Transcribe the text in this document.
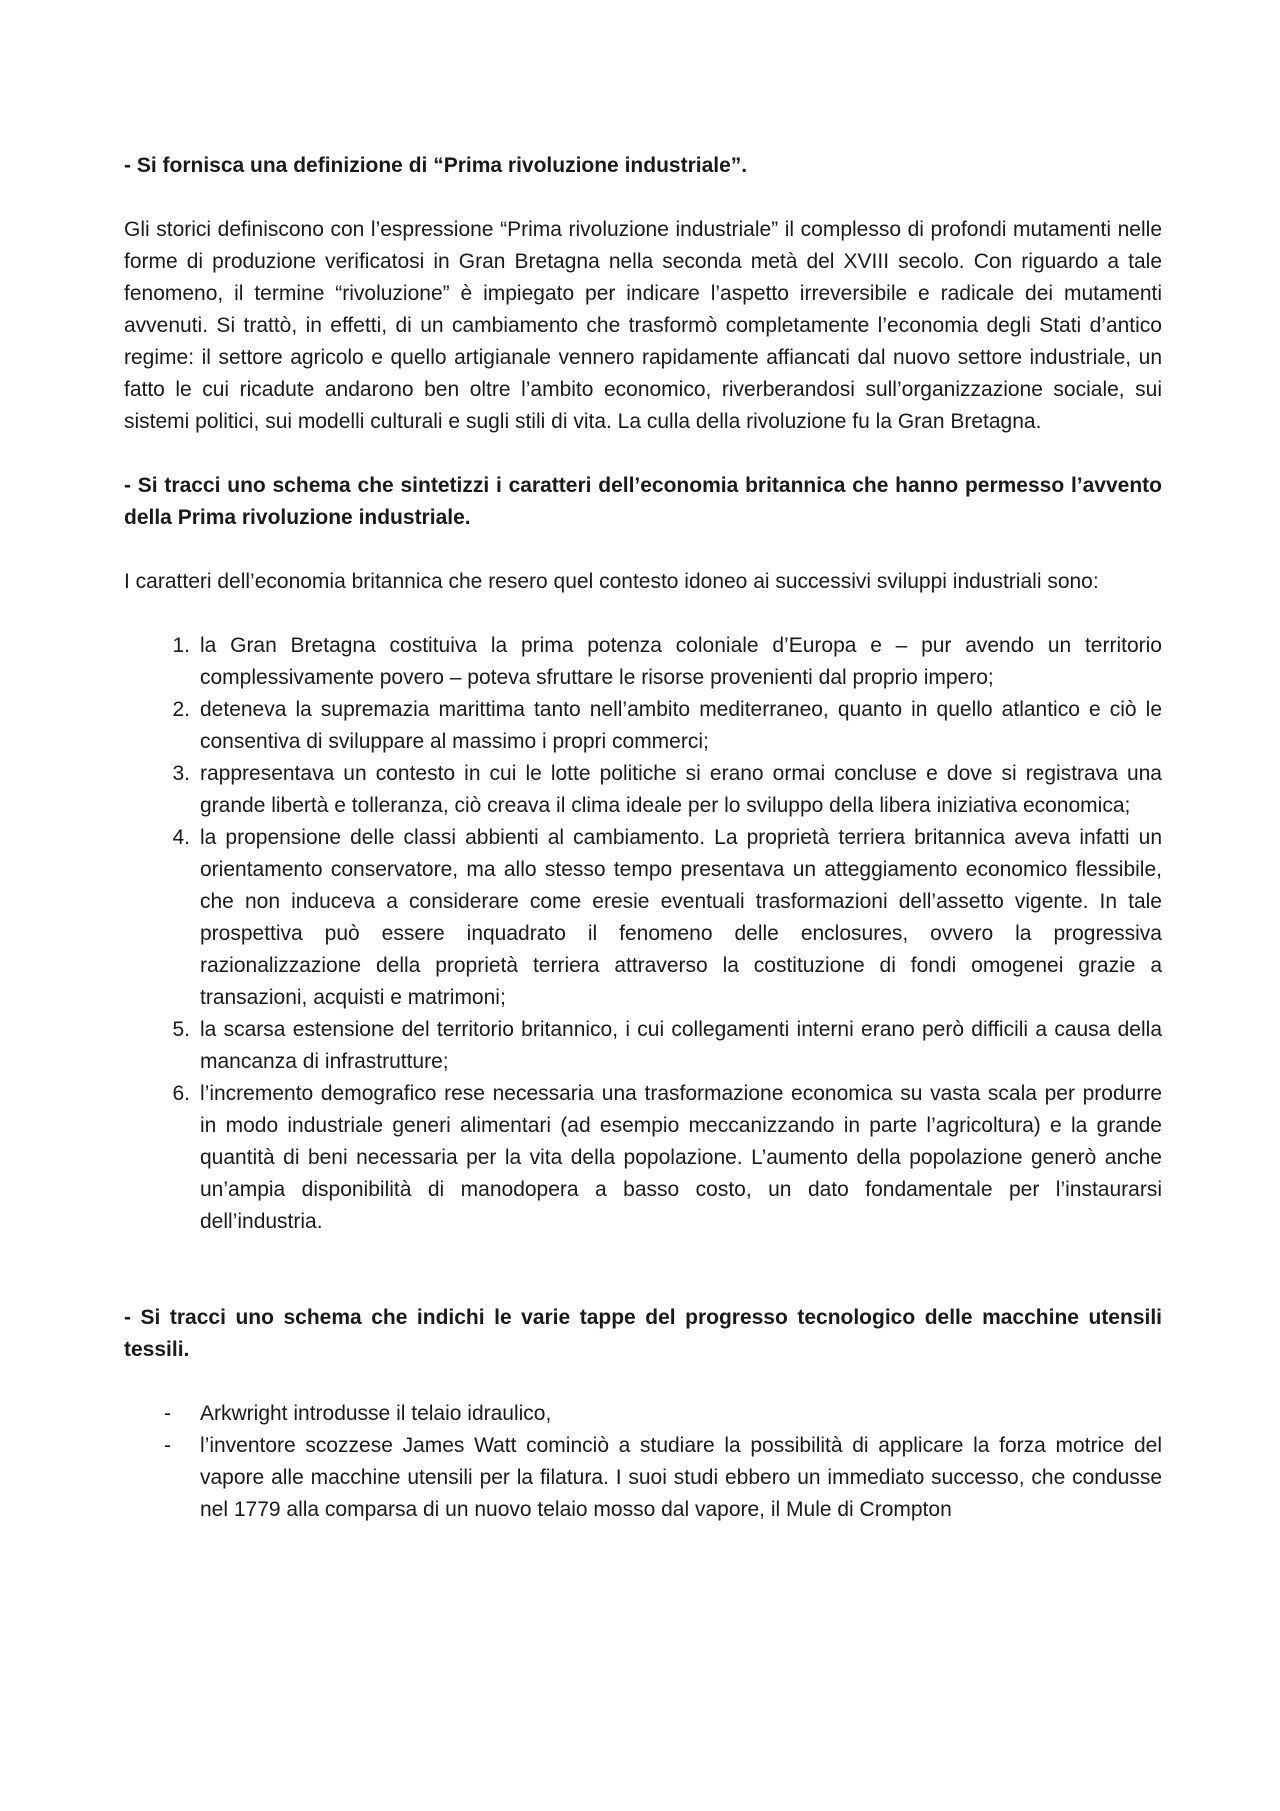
- Si fornisca una definizione di “Prima rivoluzione industriale”.

Gli storici definiscono con l’espressione “Prima rivoluzione industriale” il complesso di profondi mutamenti nelle forme di produzione verificatosi in Gran Bretagna nella seconda metà del XVIII secolo. Con riguardo a tale fenomeno, il termine “rivoluzione” è impiegato per indicare l’aspetto irreversibile e radicale dei mutamenti avvenuti. Si trattò, in effetti, di un cambiamento che trasformò completamente l’economia degli Stati d’antico regime: il settore agricolo e quello artigianale vennero rapidamente affiancati dal nuovo settore industriale, un fatto le cui ricadute andarono ben oltre l’ambito economico, riverberandosi sull’organizzazione sociale, sui sistemi politici, sui modelli culturali e sugli stili di vita. La culla della rivoluzione fu la Gran Bretagna.

- Si tracci uno schema che sintetizzi i caratteri dell’economia britannica che hanno permesso l’avvento della Prima rivoluzione industriale.

I caratteri dell’economia britannica che resero quel contesto idoneo ai successivi sviluppi industriali sono:

1. la Gran Bretagna costituiva la prima potenza coloniale d’Europa e – pur avendo un territorio complessivamente povero – poteva sfruttare le risorse provenienti dal proprio impero;
2. deteneva la supremazia marittima tanto nell’ambito mediterraneo, quanto in quello atlantico e ciò le consentiva di sviluppare al massimo i propri commerci;
3. rappresentava un contesto in cui le lotte politiche si erano ormai concluse e dove si registrava una grande libertà e tolleranza, ciò creava il clima ideale per lo sviluppo della libera iniziativa economica;
4. la propensione delle classi abbienti al cambiamento. La proprietà terriera britannica aveva infatti un orientamento conservatore, ma allo stesso tempo presentava un atteggiamento economico flessibile, che non induceva a considerare come eresie eventuali trasformazioni dell’assetto vigente. In tale prospettiva può essere inquadrato il fenomeno delle enclosures, ovvero la progressiva razionalizzazione della proprietà terriera attraverso la costituzione di fondi omogenei grazie a transazioni, acquisti e matrimoni;
5. la scarsa estensione del territorio britannico, i cui collegamenti interni erano però difficili a causa della mancanza di infrastrutture;
6. l’incremento demografico rese necessaria una trasformazione economica su vasta scala per produrre in modo industriale generi alimentari (ad esempio meccanizzando in parte l’agricoltura) e la grande quantità di beni necessaria per la vita della popolazione. L’aumento della popolazione generò anche un’ampia disponibilità di manodopera a basso costo, un dato fondamentale per l’instaurarsi dell’industria.

- Si tracci uno schema che indichi le varie tappe del progresso tecnologico delle macchine utensili tessili.

- Arkwright introdusse il telaio idraulico,
- l’inventore scozzese James Watt cominciò a studiare la possibilità di applicare la forza motrice del vapore alle macchine utensili per la filatura. I suoi studi ebbero un immediato successo, che condusse nel 1779 alla comparsa di un nuovo telaio mosso dal vapore, il Mule di Crompton
